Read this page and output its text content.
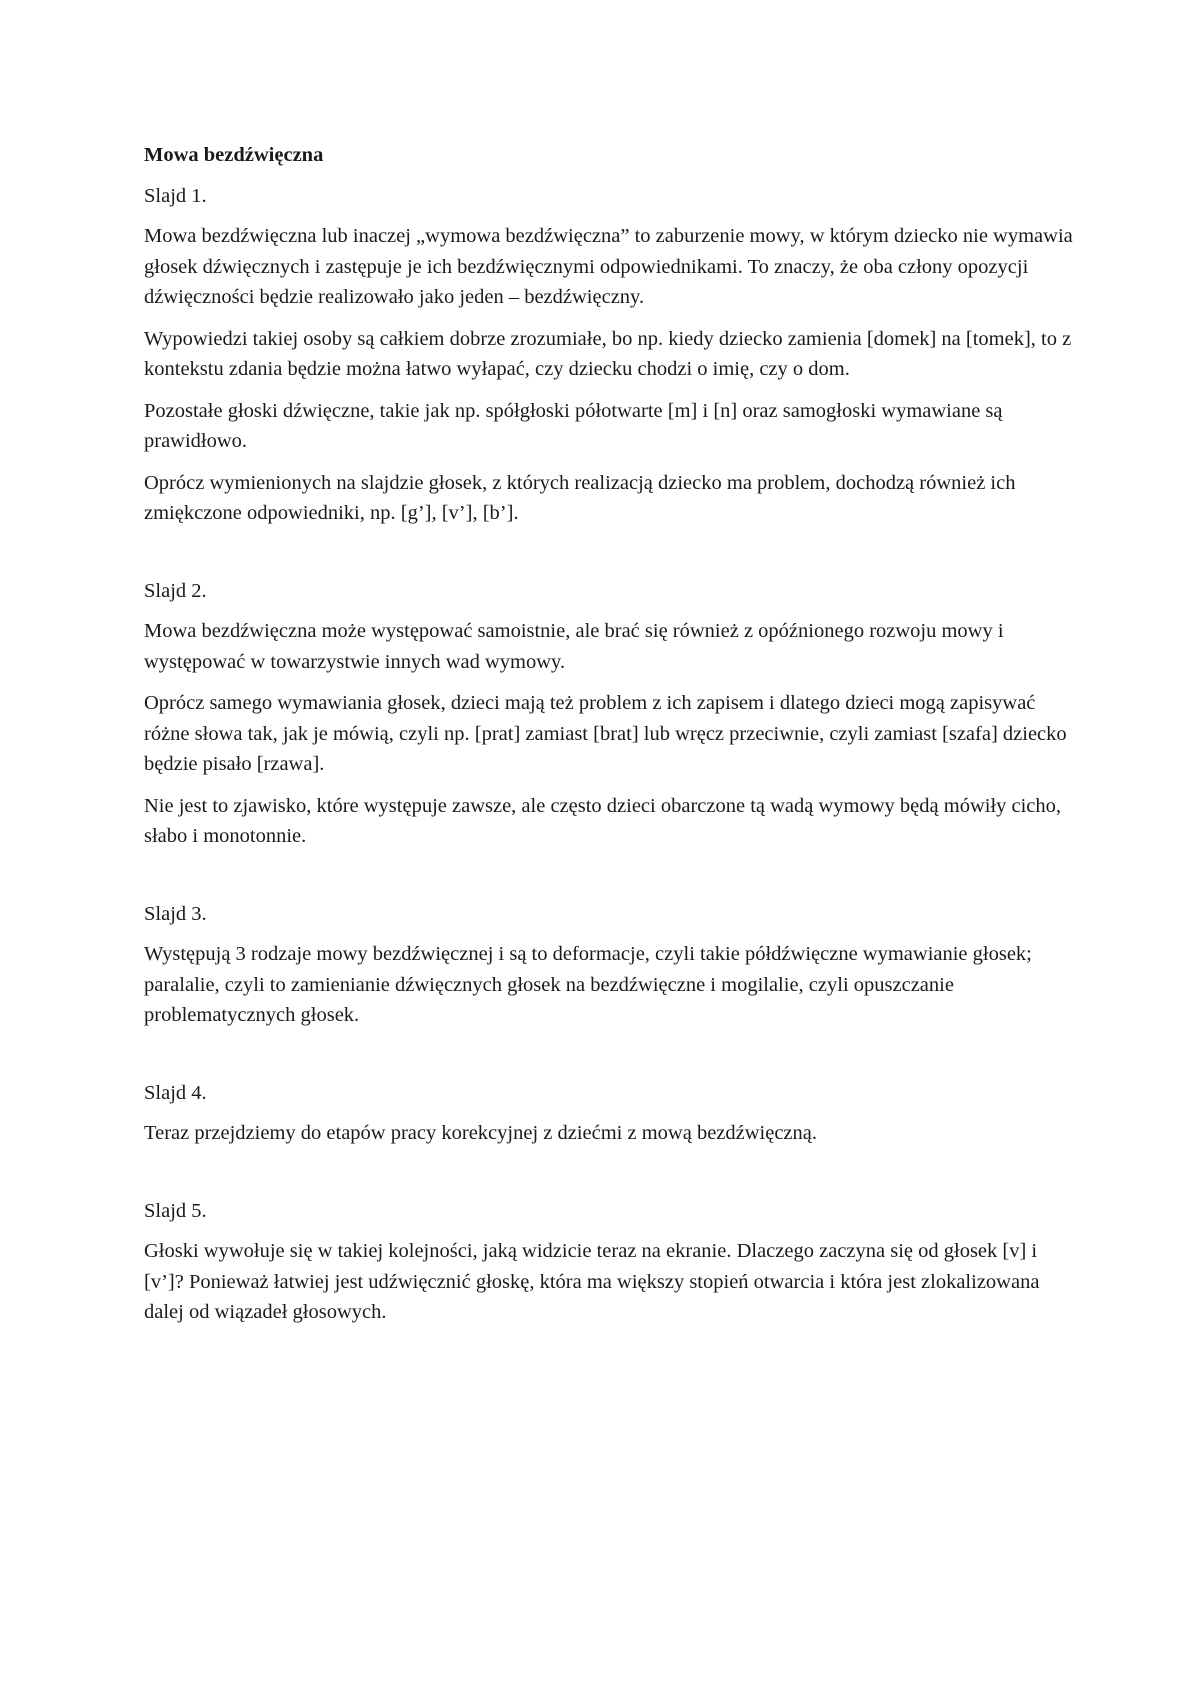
Mowa bezdźwięczna
Slajd 1.
Mowa bezdźwięczna lub inaczej „wymowa bezdźwięczna” to zaburzenie mowy, w którym dziecko nie wymawia głosek dźwięcznych i zastępuje je ich bezdźwięcznymi odpowiednikami. To znaczy, że oba człony opozycji dźwięczności będzie realizowało jako jeden – bezdźwięczny.
Wypowiedzi takiej osoby są całkiem dobrze zrozumiałe, bo np. kiedy dziecko zamienia [domek] na [tomek], to z kontekstu zdania będzie można łatwo wyłapać, czy dziecku chodzi o imię, czy o dom.
Pozostałe głoski dźwięczne, takie jak np. spółgłoski półotwarte [m] i [n] oraz samogłoski wymawiane są prawidłowo.
Oprócz wymienionych na slajdzie głosek, z których realizacją dziecko ma problem, dochodzą również ich zmiękczone odpowiedniki, np. [g’], [v’], [b’].
Slajd 2.
Mowa bezdźwięczna może występować samoistnie, ale brać się również z opóźnionego rozwoju mowy i występować w towarzystwie innych wad wymowy.
Oprócz samego wymawiania głosek, dzieci mają też problem z ich zapisem i dlatego dzieci mogą zapisywać różne słowa tak, jak je mówią, czyli np. [prat] zamiast [brat] lub wręcz przeciwnie, czyli zamiast [szafa] dziecko będzie pisało [rzawa].
Nie jest to zjawisko, które występuje zawsze, ale często dzieci obarczone tą wadą wymowy będą mówiły cicho, słabo i monotonnie.
Slajd 3.
Występują 3 rodzaje mowy bezdźwięcznej i są to deformacje, czyli takie półdźwięczne wymawianie głosek; paralalie, czyli to zamienianie dźwięcznych głosek na bezdźwięczne i mogilalie, czyli opuszczanie problematycznych głosek.
Slajd 4.
Teraz przejdziemy do etapów pracy korekcyjnej z dziećmi z mową bezdźwięczną.
Slajd 5.
Głoski wywołuje się w takiej kolejności, jaką widzicie teraz na ekranie. Dlaczego zaczyna się od głosek [v] i [v’]? Ponieważ łatwiej jest udźwięcznić głoskę, która ma większy stopień otwarcia i która jest zlokalizowana dalej od wiązadeł głosowych.
